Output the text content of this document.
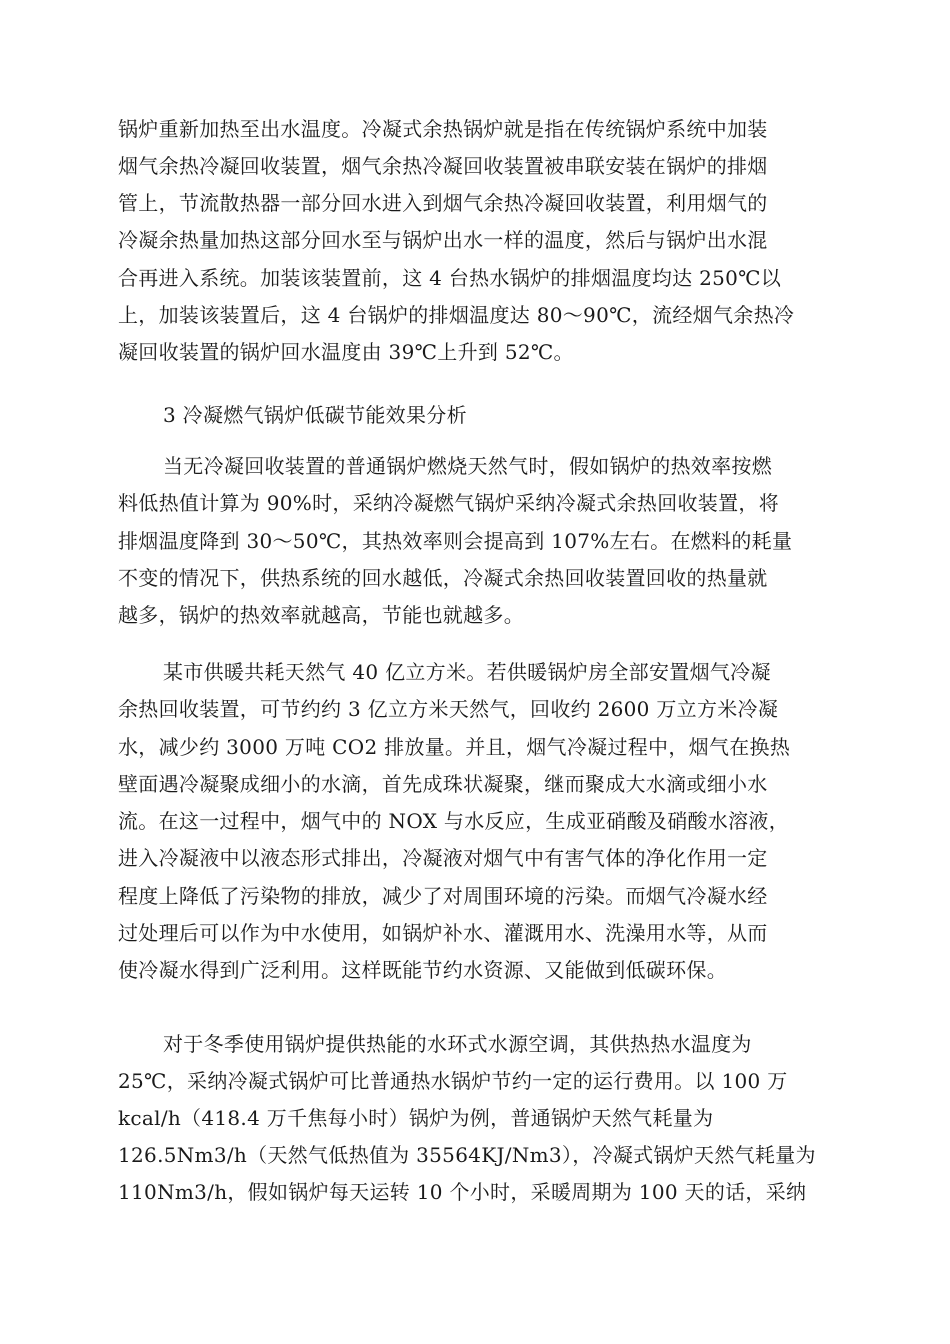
锅炉重新加热至出水温度。冷凝式余热锅炉就是指在传统锅炉系统中加装

烟气余热冷凝回收装置，烟气余热冷凝回收装置被串联安装在锅炉的排烟

管上，节流散热器一部分回水进入到烟气余热冷凝回收装置，利用烟气的

冷凝余热量加热这部分回水至与锅炉出水一样的温度，然后与锅炉出水混

合再进入系统。加装该装置前，这 4 台热水锅炉的排烟温度均达 250℃以

上，加装该装置后，这 4 台锅炉的排烟温度达 80～90℃，流经烟气余热冷

凝回收装置的锅炉回水温度由 39℃上升到 52℃。

3 冷凝燃气锅炉低碳节能效果分析

当无冷凝回收装置的普通锅炉燃烧天然气时，假如锅炉的热效率按燃

料低热值计算为 90%时，采纳冷凝燃气锅炉采纳冷凝式余热回收装置，将

排烟温度降到 30～50℃，其热效率则会提高到 107%左右。在燃料的耗量

不变的情况下，供热系统的回水越低，冷凝式余热回收装置回收的热量就

越多，锅炉的热效率就越高，节能也就越多。

某市供暖共耗天然气 40 亿立方米。若供暖锅炉房全部安置烟气冷凝

余热回收装置，可节约约 3 亿立方米天然气，回收约 2600 万立方米冷凝

水，减少约 3000 万吨 CO2 排放量。并且，烟气冷凝过程中，烟气在换热

壁面遇冷凝聚成细小的水滴，首先成珠状凝聚，继而聚成大水滴或细小水

流。在这一过程中，烟气中的 NOX 与水反应，生成亚硝酸及硝酸水溶液，

进入冷凝液中以液态形式排出，冷凝液对烟气中有害气体的净化作用一定

程度上降低了污染物的排放，减少了对周围环境的污染。而烟气冷凝水经

过处理后可以作为中水使用，如锅炉补水、灌溉用水、洗澡用水等，从而

使冷凝水得到广泛利用。这样既能节约水资源、又能做到低碳环保。

对于冬季使用锅炉提供热能的水环式水源空调，其供热热水温度为

25℃，采纳冷凝式锅炉可比普通热水锅炉节约一定的运行费用。以 100 万

kcal/h（418.4 万千焦每小时）锅炉为例，普通锅炉天然气耗量为

126.5Nm3/h（天然气低热值为 35564KJ/Nm3），冷凝式锅炉天然气耗量为

110Nm3/h，假如锅炉每天运转 10 个小时，采暖周期为 100 天的话，采纳
